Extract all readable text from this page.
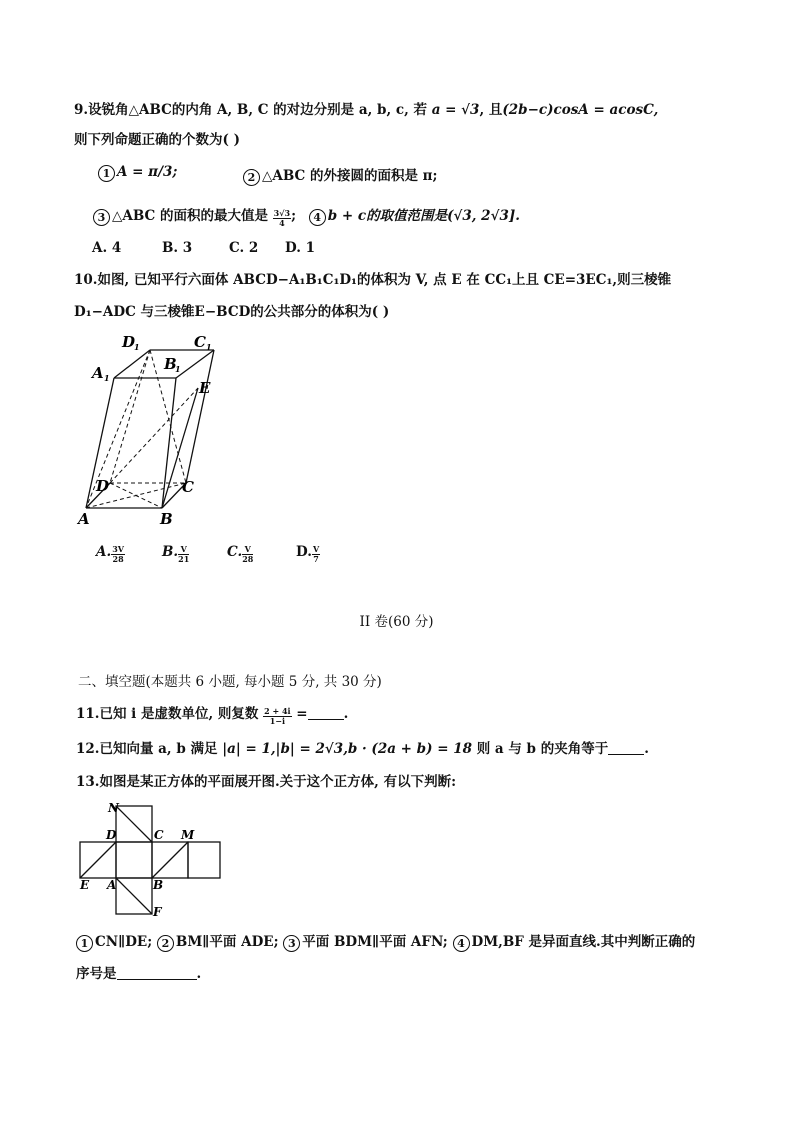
9.设锐角△ABC的内角 A, B, C 的对边分别是 a, b, c, 若 a = √3, 且(2b−c)cosA = acosC,
则下列命题正确的个数为( )
1 A = π/3;	2 △ABC 的外接圆的面积是 π;
3 △ABC 的面积的最大值是 $\frac{3√3}{4}$ ; 4 b + c的取值范围是(√3, 2√3].
A. 4	B. 3	C. 2 D. 1
10.如图, 已知平行六面体 ABCD−A₁B₁C₁D₁的体积为 V, 点 E 在 CC₁上且 CE=3EC₁,则三棱锥
D₁−ADC 与三棱锥E−BCD的公共部分的体积为( )
D
1
B
1
C 1
A 1
E
D	C
A	B
A. $\frac{3V}{28}$	B. $\frac{V}{21}$	C. $\frac{V}{28}$	D. $\frac{V}{7}$
II 卷(60 分)
二、填空题(本题共 6 小题, 每小题 5 分, 共 30 分)
11.已知 i 是虚数单位, 则复数 $\frac{2 + 4i}{1-i}$ =	.
12.已知向量 a, b 满足 |a| = 1,|b| = 2√3,b · (2a + b) = 18 则 a 与 b 的夹角等于	.
13.如图是某正方体的平面展开图.关于这个正方体, 有以下判断:
N
D	C M
E A	B
F
1 CN∥DE; 2 BM∥平面 ADE; 3 平面 BDM∥平面 AFN; 4 DM,BF 是异面直线.其中判断正确的
序号是	.
